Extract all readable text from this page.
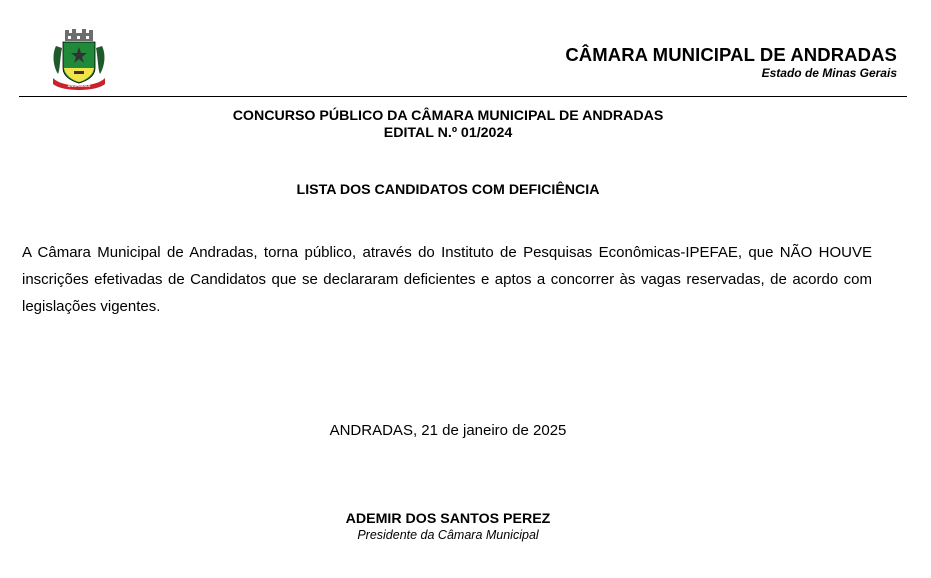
ANDRADAS
CÂMARA MUNICIPAL DE ANDRADAS
Estado de Minas Gerais
CONCURSO PÚBLICO DA CÂMARA MUNICIPAL DE ANDRADAS
EDITAL N.º 01/2024
LISTA DOS CANDIDATOS COM DEFICIÊNCIA
A Câmara Municipal de Andradas, torna público, através do Instituto de Pesquisas Econômicas-IPEFAE, que NÃO HOUVE
inscrições efetivadas de Candidatos que se declararam deficientes e aptos a concorrer às vagas reservadas, de acordo com
legislações vigentes.
ANDRADAS, 21 de janeiro de 2025
ADEMIR DOS SANTOS PEREZ
Presidente da Câmara Municipal
